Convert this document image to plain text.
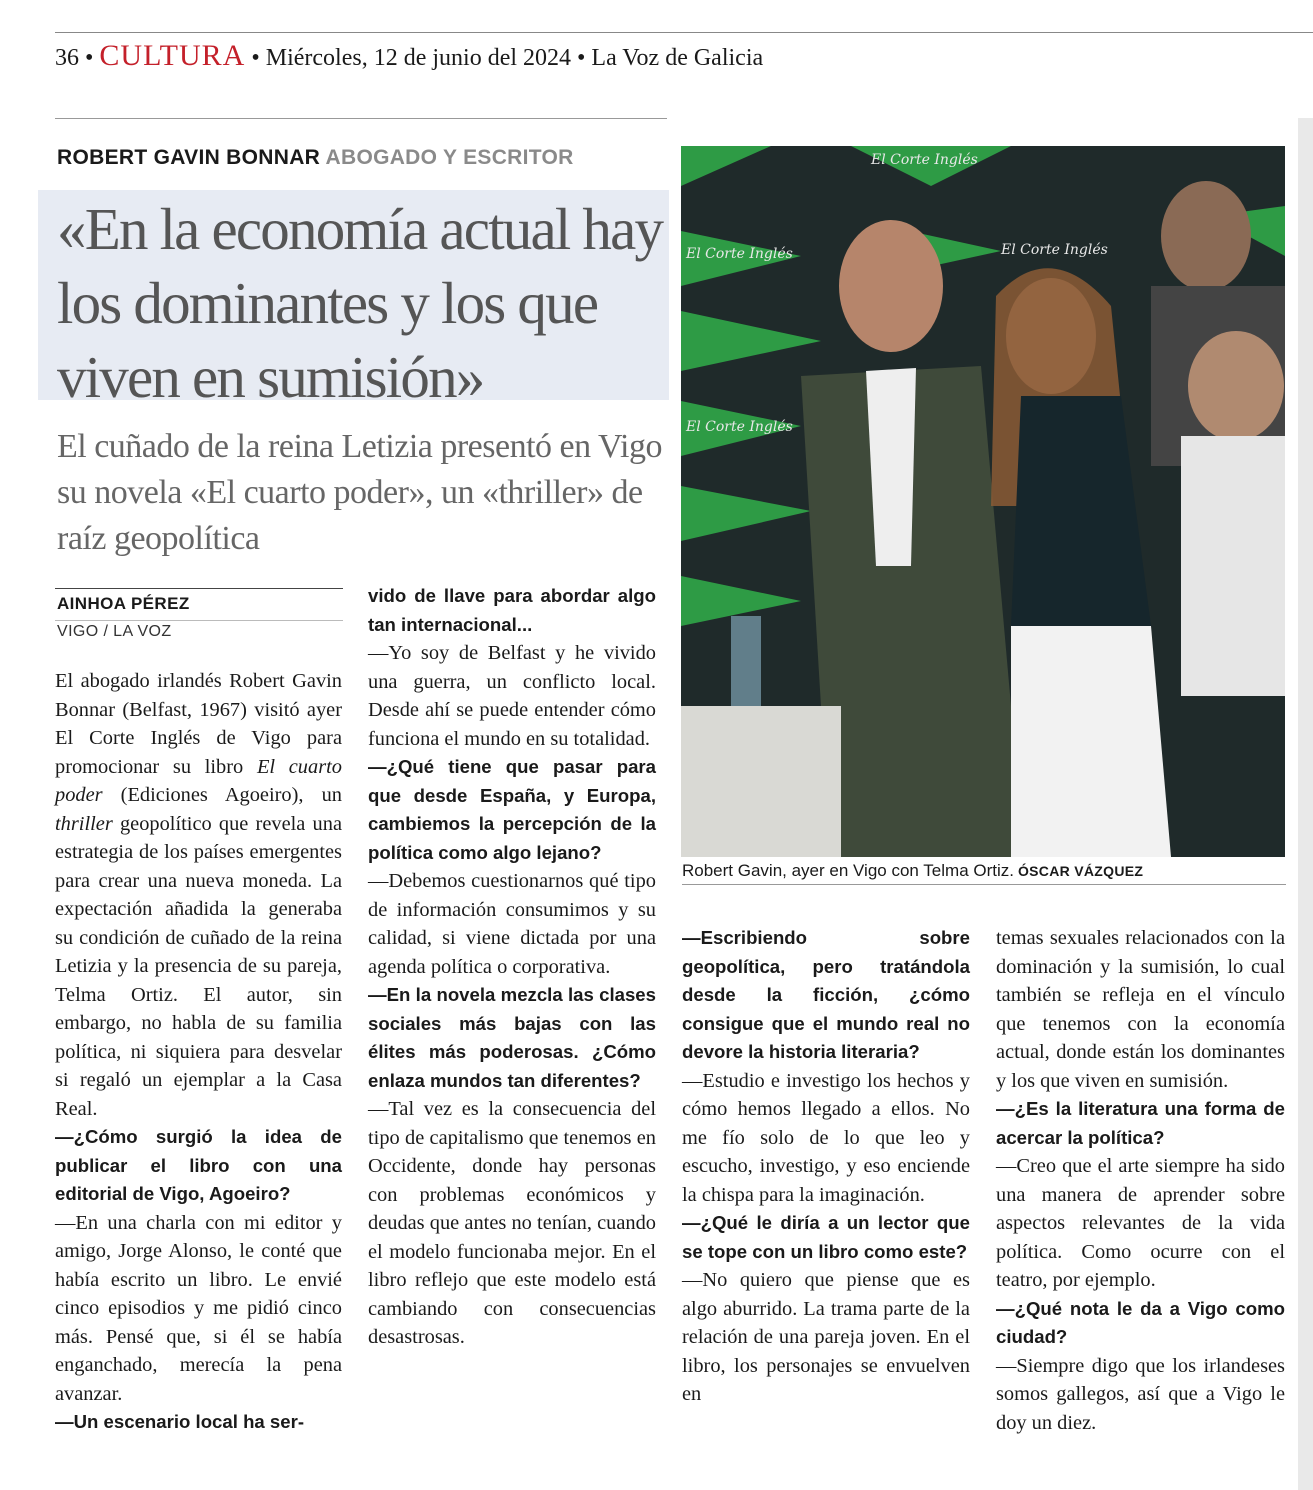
36 • CULTURA • Miércoles, 12 de junio del 2024 • La Voz de Galicia
ROBERT GAVIN BONNAR ABOGADO Y ESCRITOR
«En la economía actual hay los dominantes y los que viven en sumisión»
El cuñado de la reina Letizia presentó en Vigo su novela «El cuarto poder», un «thriller» de raíz geopolítica
AINHOA PÉREZ
VIGO / LA VOZ

El abogado irlandés Robert Gavin Bonnar (Belfast, 1967) visitó ayer El Corte Inglés de Vigo para promocionar su libro El cuarto poder (Ediciones Agoeiro), un thriller geopolítico que revela una estrategia de los países emergentes para crear una nueva moneda. La expectación añadida la generaba su condición de cuñado de la reina Letizia y la presencia de su pareja, Telma Ortiz. El autor, sin embargo, no habla de su familia política, ni siquiera para desvelar si regaló un ejemplar a la Casa Real.

—¿Cómo surgió la idea de publicar el libro con una editorial de Vigo, Agoeiro?

—En una charla con mi editor y amigo, Jorge Alonso, le conté que había escrito un libro. Le envié cinco episodios y me pidió cinco más. Pensé que, si él se había enganchado, merecía la pena avanzar.

—Un escenario local ha ser-

vido de llave para abordar algo tan internacional...

—Yo soy de Belfast y he vivido una guerra, un conflicto local. Desde ahí se puede entender cómo funciona el mundo en su totalidad.

—¿Qué tiene que pasar para que desde España, y Europa, cambiemos la percepción de la política como algo lejano?

—Debemos cuestionarnos qué tipo de información consumimos y su calidad, si viene dictada por una agenda política o corporativa.

—En la novela mezcla las clases sociales más bajas con las élites más poderosas. ¿Cómo enlaza mundos tan diferentes?

—Tal vez es la consecuencia del tipo de capitalismo que tenemos en Occidente, donde hay personas con problemas económicos y deudas que antes no tenían, cuando el modelo funcionaba mejor. En el libro reflejo que este modelo está cambiando con consecuencias desastrosas.

El Corte Inglés
El Corte Inglés
El Corte Inglés
El Corte Inglés
Robert Gavin, ayer en Vigo con Telma Ortiz. ÓSCAR VÁZQUEZ

—Escribiendo sobre geopolítica, pero tratándola desde la ficción, ¿cómo consigue que el mundo real no devore la historia literaria?

—Estudio e investigo los hechos y cómo hemos llegado a ellos. No me fío solo de lo que leo y escucho, investigo, y eso enciende la chispa para la imaginación.

—¿Qué le diría a un lector que se tope con un libro como este?

—No quiero que piense que es algo aburrido. La trama parte de la relación de una pareja joven. En el libro, los personajes se envuelven en

temas sexuales relacionados con la dominación y la sumisión, lo cual también se refleja en el vínculo que tenemos con la economía actual, donde están los dominantes y los que viven en sumisión.

—¿Es la literatura una forma de acercar la política?

—Creo que el arte siempre ha sido una manera de aprender sobre aspectos relevantes de la vida política. Como ocurre con el teatro, por ejemplo.

—¿Qué nota le da a Vigo como ciudad?

—Siempre digo que los irlandeses somos gallegos, así que a Vigo le doy un diez.
